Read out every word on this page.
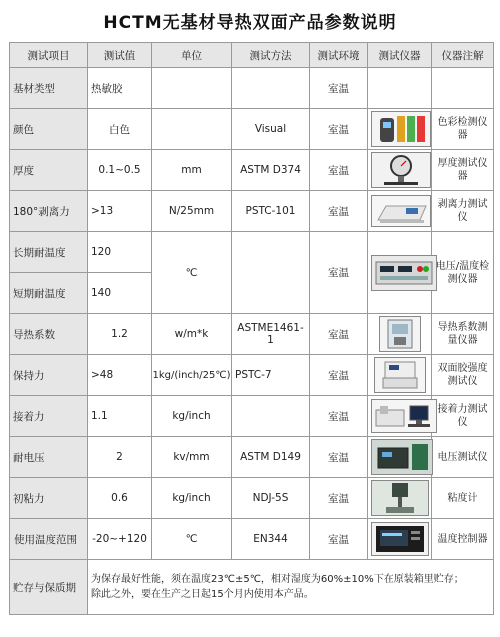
HCTM无基材导热双面产品参数说明
测试项目	测试值	单位	测试方法	测试环境	测试仪器	仪器注解
基材类型	热敏胶			室温		
颜色	白色		Visual	室温		色彩检测仪器
厚度	0.1~0.5	mm	ASTM D374	室温		厚度测试仪器
180°剥离力	>13	N/25mm	PSTC-101	室温		剥离力测试仪
长期耐温度	120	℃		室温		电压/温度检测仪器
短期耐温度	140					
导热系数	1.2	w/m*k	ASTME1461-1	室温		导热系数测量仪器
保持力	>48	1kg/(inch/25℃)	PSTC-7	室温		双面胶强度测试仪
接着力	1.1	kg/inch		室温		接着力测试仪
耐电压	2	kv/mm	ASTM D149	室温		电压测试仪
初粘力	0.6	kg/inch	NDJ-5S	室温		粘度计
使用温度范围	-20~+120	℃	EN344	室温		温度控制器
贮存与保质期	为保存最好性能，须在温度23℃±5℃，相对湿度为60%±10%下在原装箱里贮存；
除此之外，要在生产之日起15个月内使用本产品。					
